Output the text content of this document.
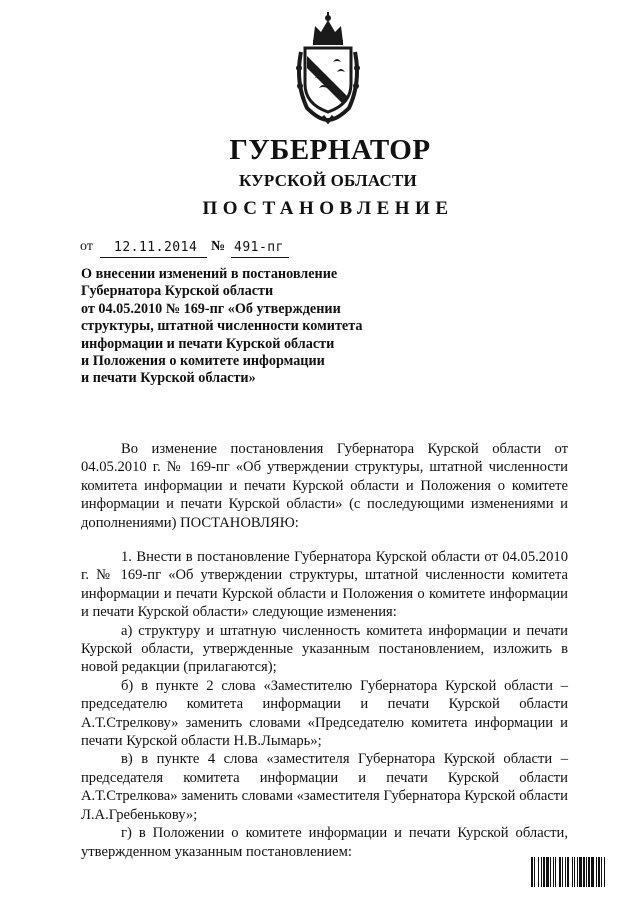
ГУБЕРНАТОР
КУРСКОЙ ОБЛАСТИ
ПОСТАНОВЛЕНИЕ
от	12.11.2014 № 491-пг
О внесении изменений в постановление
Губернатора Курской области
от 04.05.2010 № 169-пг «Об утверждении
структуры, штатной численности комитета
информации и печати Курской области
и Положения о комитете информации
и печати Курской области»

Во изменение постановления Губернатора Курской области от 04.05.2010 г. № 169-пг «Об утверждении структуры, штатной численности комитета информации и печати Курской области и Положения о комитете информации и печати Курской области» (с последующими изменениями и дополнениями) ПОСТАНОВЛЯЮ:

1. Внести в постановление Губернатора Курской области от 04.05.2010 г. № 169-пг «Об утверждении структуры, штатной численности комитета информации и печати Курской области и Положения о комитете информации и печати Курской области» следующие изменения:

а) структуру и штатную численность комитета информации и печати Курской области, утвержденные указанным постановлением, изложить в новой редакции (прилагаются);

б) в пункте 2 слова «Заместителю Губернатора Курской области – председателю комитета информации и печати Курской области А.Т.Стрелкову» заменить словами «Председателю комитета информации и печати Курской области Н.В.Лымарь»;

в) в пункте 4 слова «заместителя Губернатора Курской области – председателя комитета информации и печати Курской области А.Т.Стрелкова» заменить словами «заместителя Губернатора Курской области Л.А.Гребенькову»;

г) в Положении о комитете информации и печати Курской области, утвержденном указанным постановлением:
